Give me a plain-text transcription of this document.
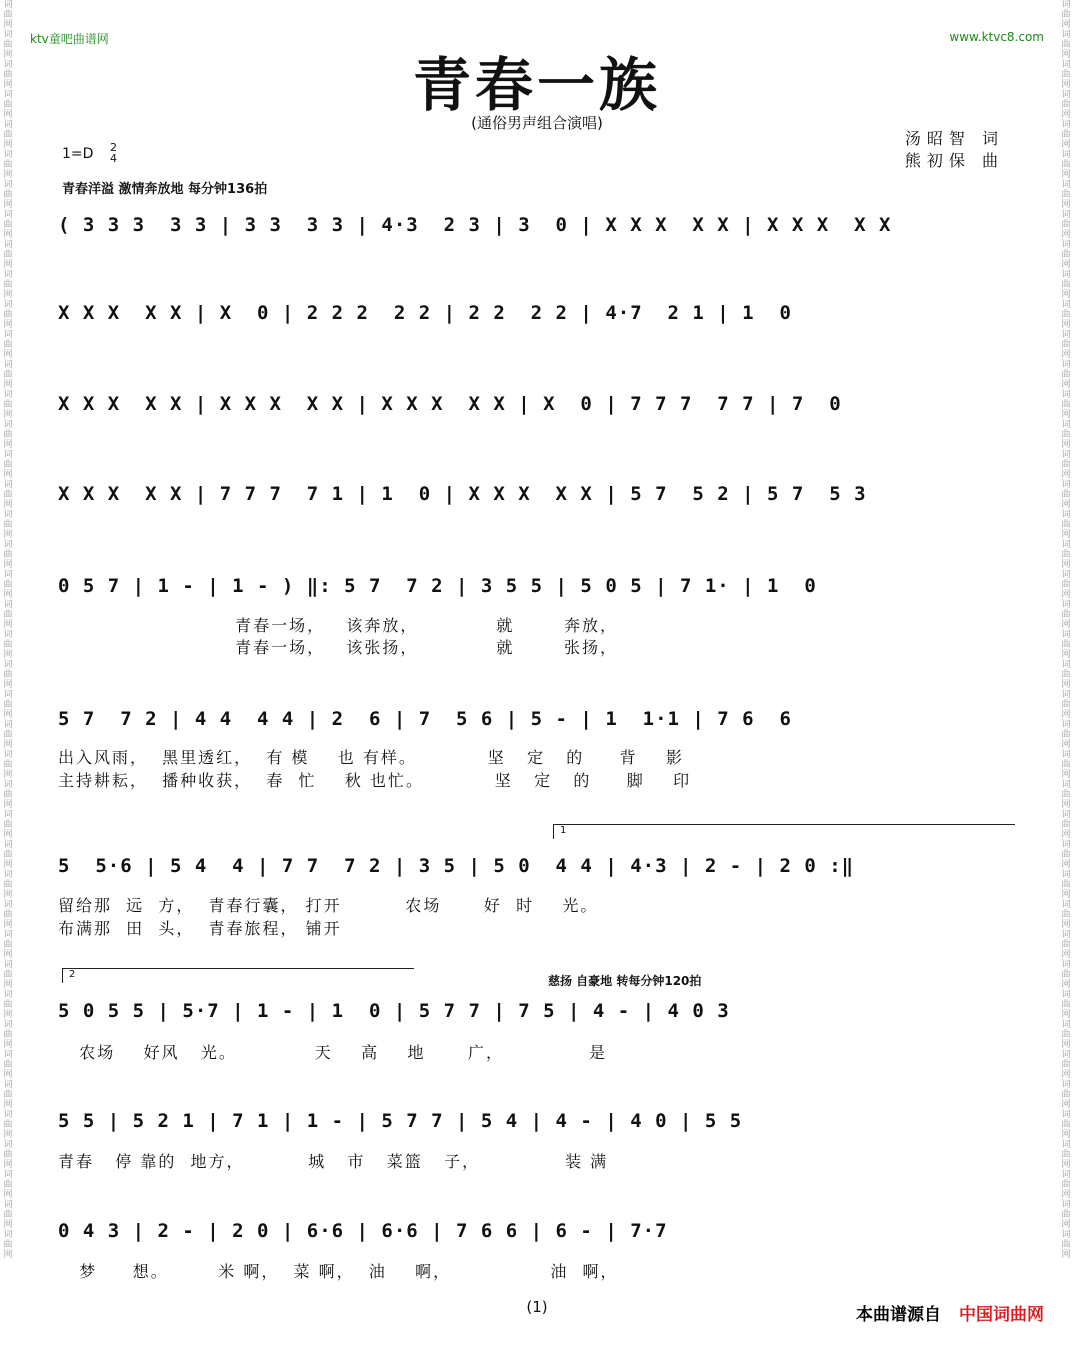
词曲网词曲网词曲网词曲网词曲网词曲网词曲网词曲网词曲网词曲网词曲网词曲网词曲网词曲网词曲网词曲网词曲网词曲网词曲网词曲网词曲网词曲网词曲网词曲网词曲网词曲网词曲网词曲网词曲网词曲网词曲网词曲网词曲网词曲网词曲网词曲网词曲网词曲网词曲网词曲网词曲网词曲网
词曲网词曲网词曲网词曲网词曲网词曲网词曲网词曲网词曲网词曲网词曲网词曲网词曲网词曲网词曲网词曲网词曲网词曲网词曲网词曲网词曲网词曲网词曲网词曲网词曲网词曲网词曲网词曲网词曲网词曲网词曲网词曲网词曲网词曲网词曲网词曲网词曲网词曲网词曲网词曲网词曲网词曲网
ktv童吧曲谱网	www.ktvc8.com
青春一族
(通俗男声组合演唱)
汤昭智 词
熊初保 曲
1=D 2
4
青春洋溢 激情奔放地 每分钟136拍
( 3 3 3  3 3 | 3 3  3 3 | 4·3  2 3 | 3  0 | X X X  X X | X X X  X X
X X X  X X | X  0 | 2 2 2  2 2 | 2 2  2 2 | 4·7  2 1 | 1  0
X X X  X X | X X X  X X | X X X  X X | X  0 | 7 7 7  7 7 | 7  0
X X X  X X | 7 7 7  7 1 | 1  0 | X X X  X X | 5 7  5 2 | 5 7  5 3
0 5 7 | 1 - | 1 - ) ‖: 5 7  7 2 | 3 5 5 | 5 0 5 | 7 1· | 1  0
青春一场，   该奔放，           就       奔放，
青春一场，   该张扬，           就       张扬，
5 7  7 2 | 4 4  4 4 | 2  6 | 7  5 6 | 5 - | 1  1·1 | 7 6  6
出入风雨，  黑里透红，  有 模    也 有样。          坚   定   的     背    影
主持耕耘，  播种收获，  春  忙    秋 也忙。          坚   定   的     脚    印
1
5  5·6 | 5 4  4 | 7 7  7 2 | 3 5 | 5 0  4 4 | 4·3 | 2 - | 2 0 :‖
留给那  远  方，  青春行囊， 打开         农场      好  时    光。
布满那  田  头，  青春旅程， 铺开
2	慈扬 自豪地 转每分钟120拍
5 0 5 5 | 5·7 | 1 - | 1  0 | 5 7 7 | 7 5 | 4 - | 4 0 3
农场    好风   光。           天    高    地      广，            是
5 5 | 5 2 1 | 7 1 | 1 - | 5 7 7 | 5 4 | 4 - | 4 0 | 5 5
青春   停 靠的  地方，         城   市   菜篮   子，            装 满
0 4 3 | 2 - | 2 0 | 6·6 | 6·6 | 7 6 6 | 6 - | 7·7
梦     想。       米 啊，  菜 啊，  油    啊，              油  啊，
(1)	本曲谱源自 中国词曲网
